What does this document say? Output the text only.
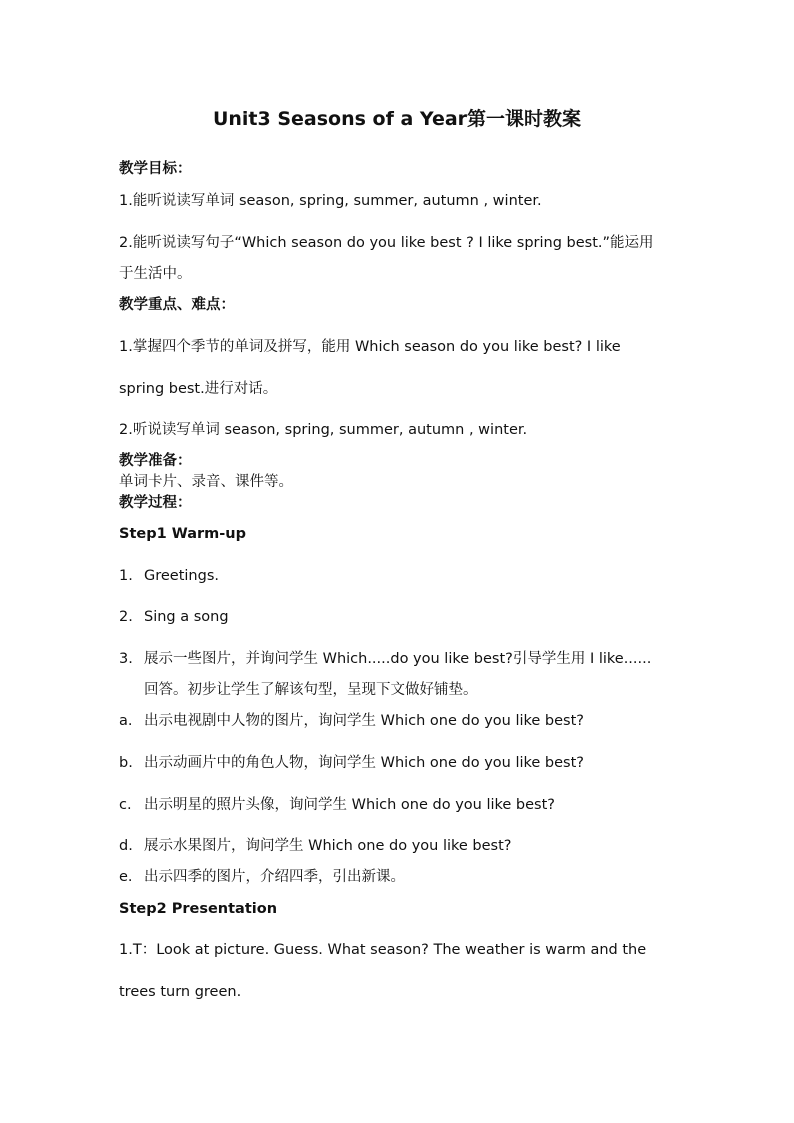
Unit3 Seasons of a Year第一课时教案
教学目标：
1.能听说读写单词 season, spring, summer, autumn , winter.
2.能听说读写句子“Which season do you like best ? I like spring best.”能运用
于生活中。
教学重点、难点：
1.掌握四个季节的单词及拼写，能用 Which season do you like best? I like
spring best.进行对话。
2.听说读写单词 season, spring, summer, autumn , winter.
教学准备：
单词卡片、录音、课件等。
教学过程：
Step1 Warm-up
1. Greetings.
2. Sing a song
3. 展示一些图片，并询问学生 Which.....do you like best?引导学生用 I like......
回答。初步让学生了解该句型，呈现下文做好铺垫。
a. 出示电视剧中人物的图片，询问学生 Which one do you like best?
b. 出示动画片中的角色人物，询问学生 Which one do you like best?
c. 出示明星的照片头像，询问学生 Which one do you like best?
d. 展示水果图片，询问学生 Which one do you like best?
e. 出示四季的图片，介绍四季，引出新课。
Step2 Presentation
1.T：Look at picture. Guess. What season? The weather is warm and the
trees turn green.
